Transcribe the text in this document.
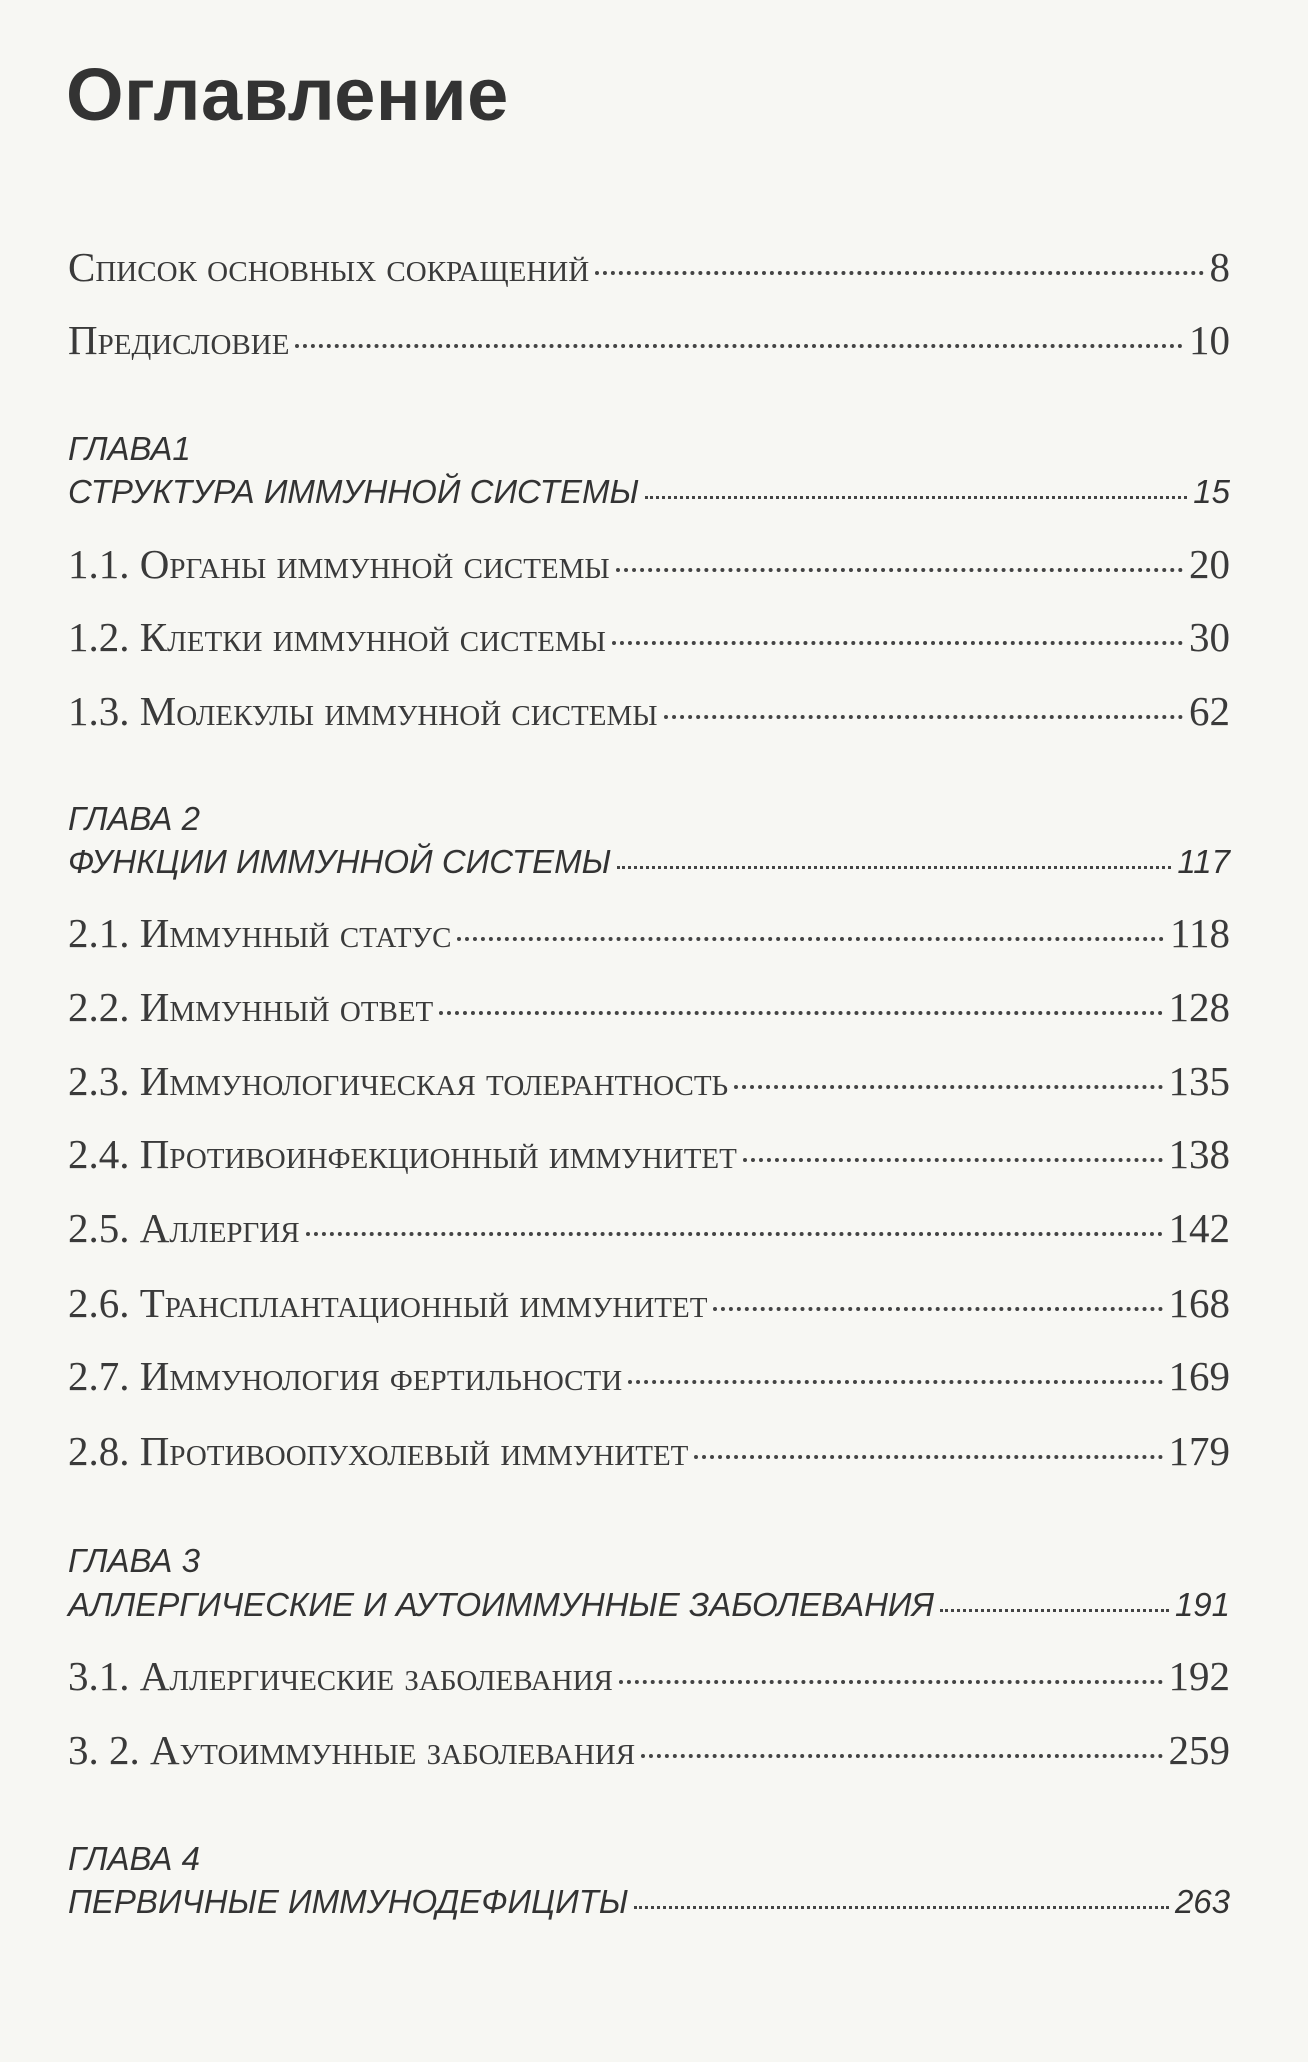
Оглавление
Список основных сокращений	8
Предисловие	10
ГЛАВА1
СТРУКТУРА ИММУННОЙ СИСТЕМЫ	15
1.1. Органы иммунной системы	20
1.2. Клетки иммунной системы	30
1.3. Молекулы иммунной системы	62
ГЛАВА 2
ФУНКЦИИ ИММУННОЙ СИСТЕМЫ	117
2.1. Иммунный статус	118
2.2. Иммунный ответ	128
2.3. Иммунологическая толерантность	135
2.4. Противоинфекционный иммунитет	138
2.5. Аллергия	142
2.6. Трансплантационный иммунитет	168
2.7. Иммунология фертильности	169
2.8. Противоопухолевый иммунитет	179
ГЛАВА 3
АЛЛЕРГИЧЕСКИЕ И АУТОИММУННЫЕ ЗАБОЛЕВАНИЯ	191
3.1. Аллергические заболевания	192
3. 2. Аутоиммунные заболевания	259
ГЛАВА 4
ПЕРВИЧНЫЕ ИММУНОДЕФИЦИТЫ	263
